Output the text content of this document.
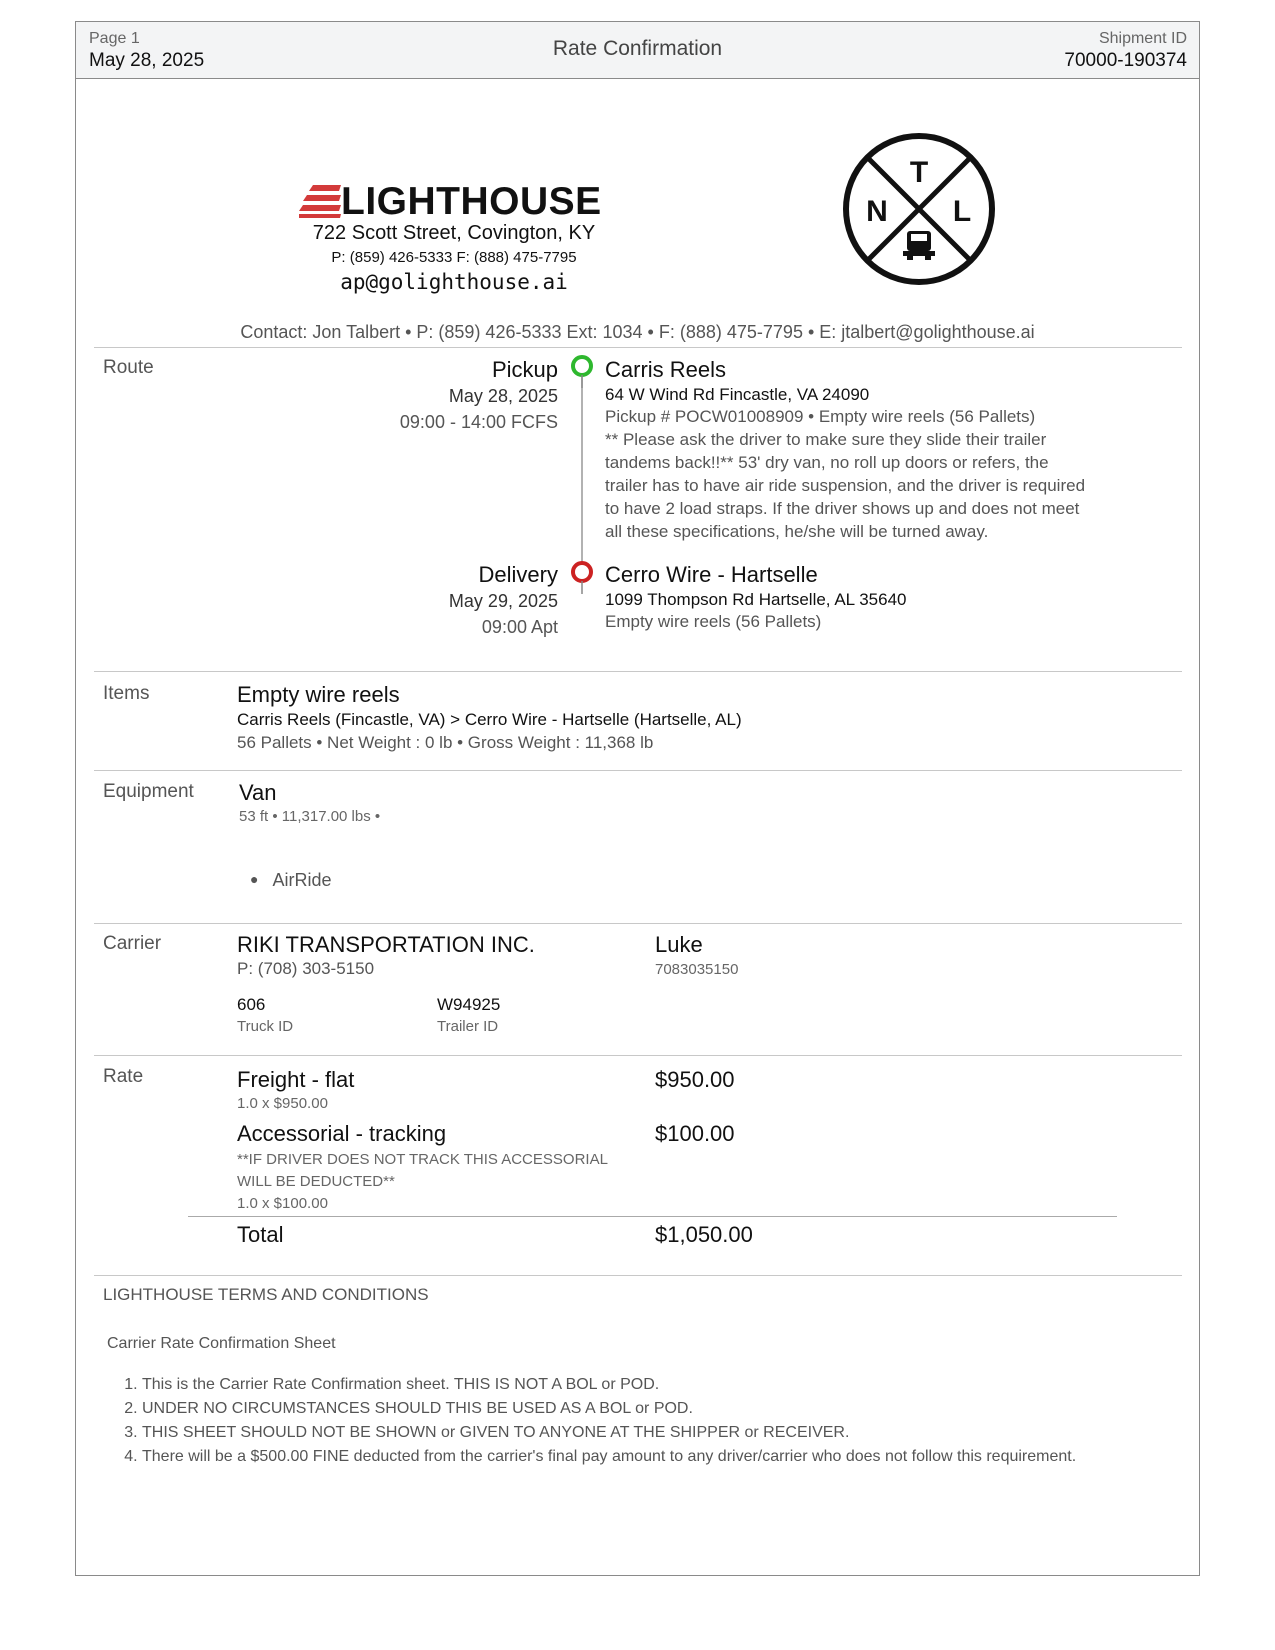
Page 1
May 28, 2025
Rate Confirmation	Shipment ID
70000-190374
LIGHTHOUSE
722 Scott Street, Covington, KY
P: (859) 426-5333 F: (888) 475-7795
ap@golighthouse.ai
T
N L
Contact: Jon Talbert • P: (859) 426-5333 Ext: 1034 • F: (888) 475-7795 • E: jtalbert@golighthouse.ai
Route	Pickup
May 28, 2025
09:00 - 14:00 FCFS
Carris Reels
64 W Wind Rd Fincastle, VA 24090
Pickup # POCW01008909 • Empty wire reels (56 Pallets)
** Please ask the driver to make sure they slide their trailer tandems back!!** 53' dry van, no roll up doors or refers, the trailer has to have air ride suspension, and the driver is required to have 2 load straps. If the driver shows up and does not meet all these specifications, he/she will be turned away.
Delivery
May 29, 2025
09:00 Apt
Cerro Wire - Hartselle
1099 Thompson Rd Hartselle, AL 35640
Empty wire reels (56 Pallets)
Items	Empty wire reels
Carris Reels (Fincastle, VA) > Cerro Wire - Hartselle (Hartselle, AL)
56 Pallets • Net Weight : 0 lb • Gross Weight : 11,368 lb
Equipment Van
53 ft • 11,317.00 lbs •
● AirRide
Carrier	RIKI TRANSPORTATION INC.
P: (708) 303-5150
Luke
7083035150
606
Truck ID
W94925
Trailer ID
Rate	Freight - flat
1.0 x $950.00
$950.00
Accessorial - tracking
**IF DRIVER DOES NOT TRACK THIS ACCESSORIAL WILL BE DEDUCTED**
1.0 x $100.00
$100.00
Total	$1,050.00
LIGHTHOUSE TERMS AND CONDITIONS
Carrier Rate Confirmation Sheet
1. This is the Carrier Rate Confirmation sheet. THIS IS NOT A BOL or POD.
2. UNDER NO CIRCUMSTANCES SHOULD THIS BE USED AS A BOL or POD.
3. THIS SHEET SHOULD NOT BE SHOWN or GIVEN TO ANYONE AT THE SHIPPER or RECEIVER.
4. There will be a $500.00 FINE deducted from the carrier's final pay amount to any driver/carrier who does not follow this requirement.
